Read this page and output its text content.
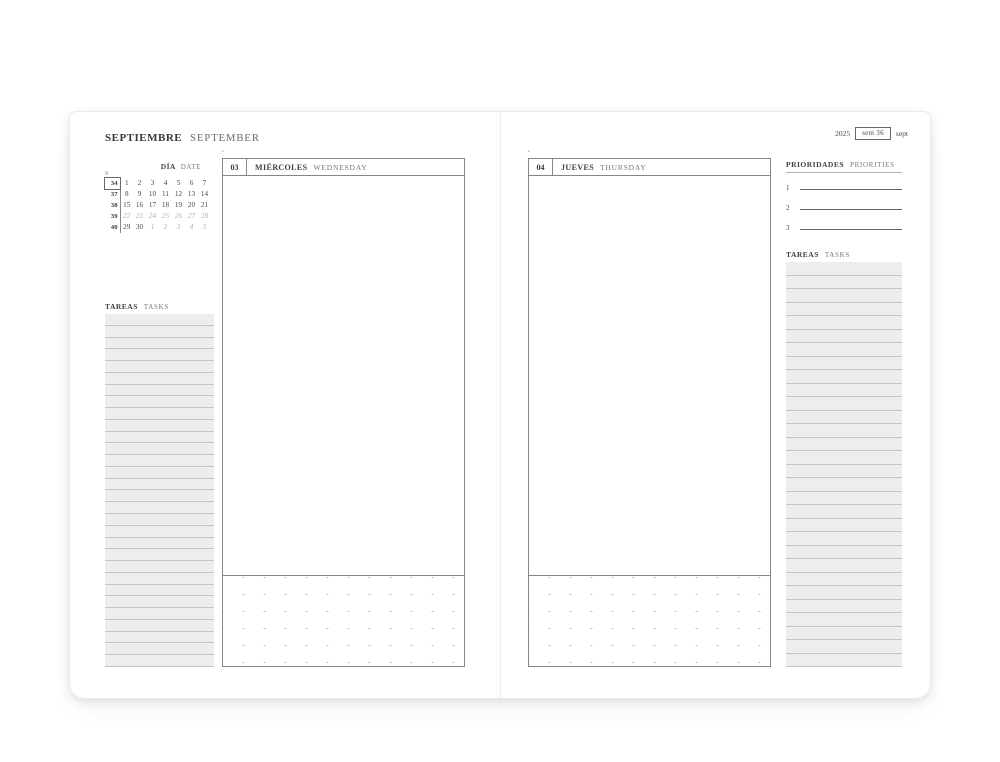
SEPTIEMBRE SEPTEMBER
•
DÍA DATE
S
34	1	2	3	4	5	6	7
37	8	9	10	11	12	13	14
38	15	16	17	18	19	20	21
39	22	23	24	25	26	27	28
40	29	30	1	2	3	4	5
TAREAS TASKS
03	MIÉRCOLES WEDNESDAY
2025	sem 36	sept
•
04	JUEVES THURSDAY	PRIORIDADES PRIORITIES
1
2
3
TAREAS TASKS
